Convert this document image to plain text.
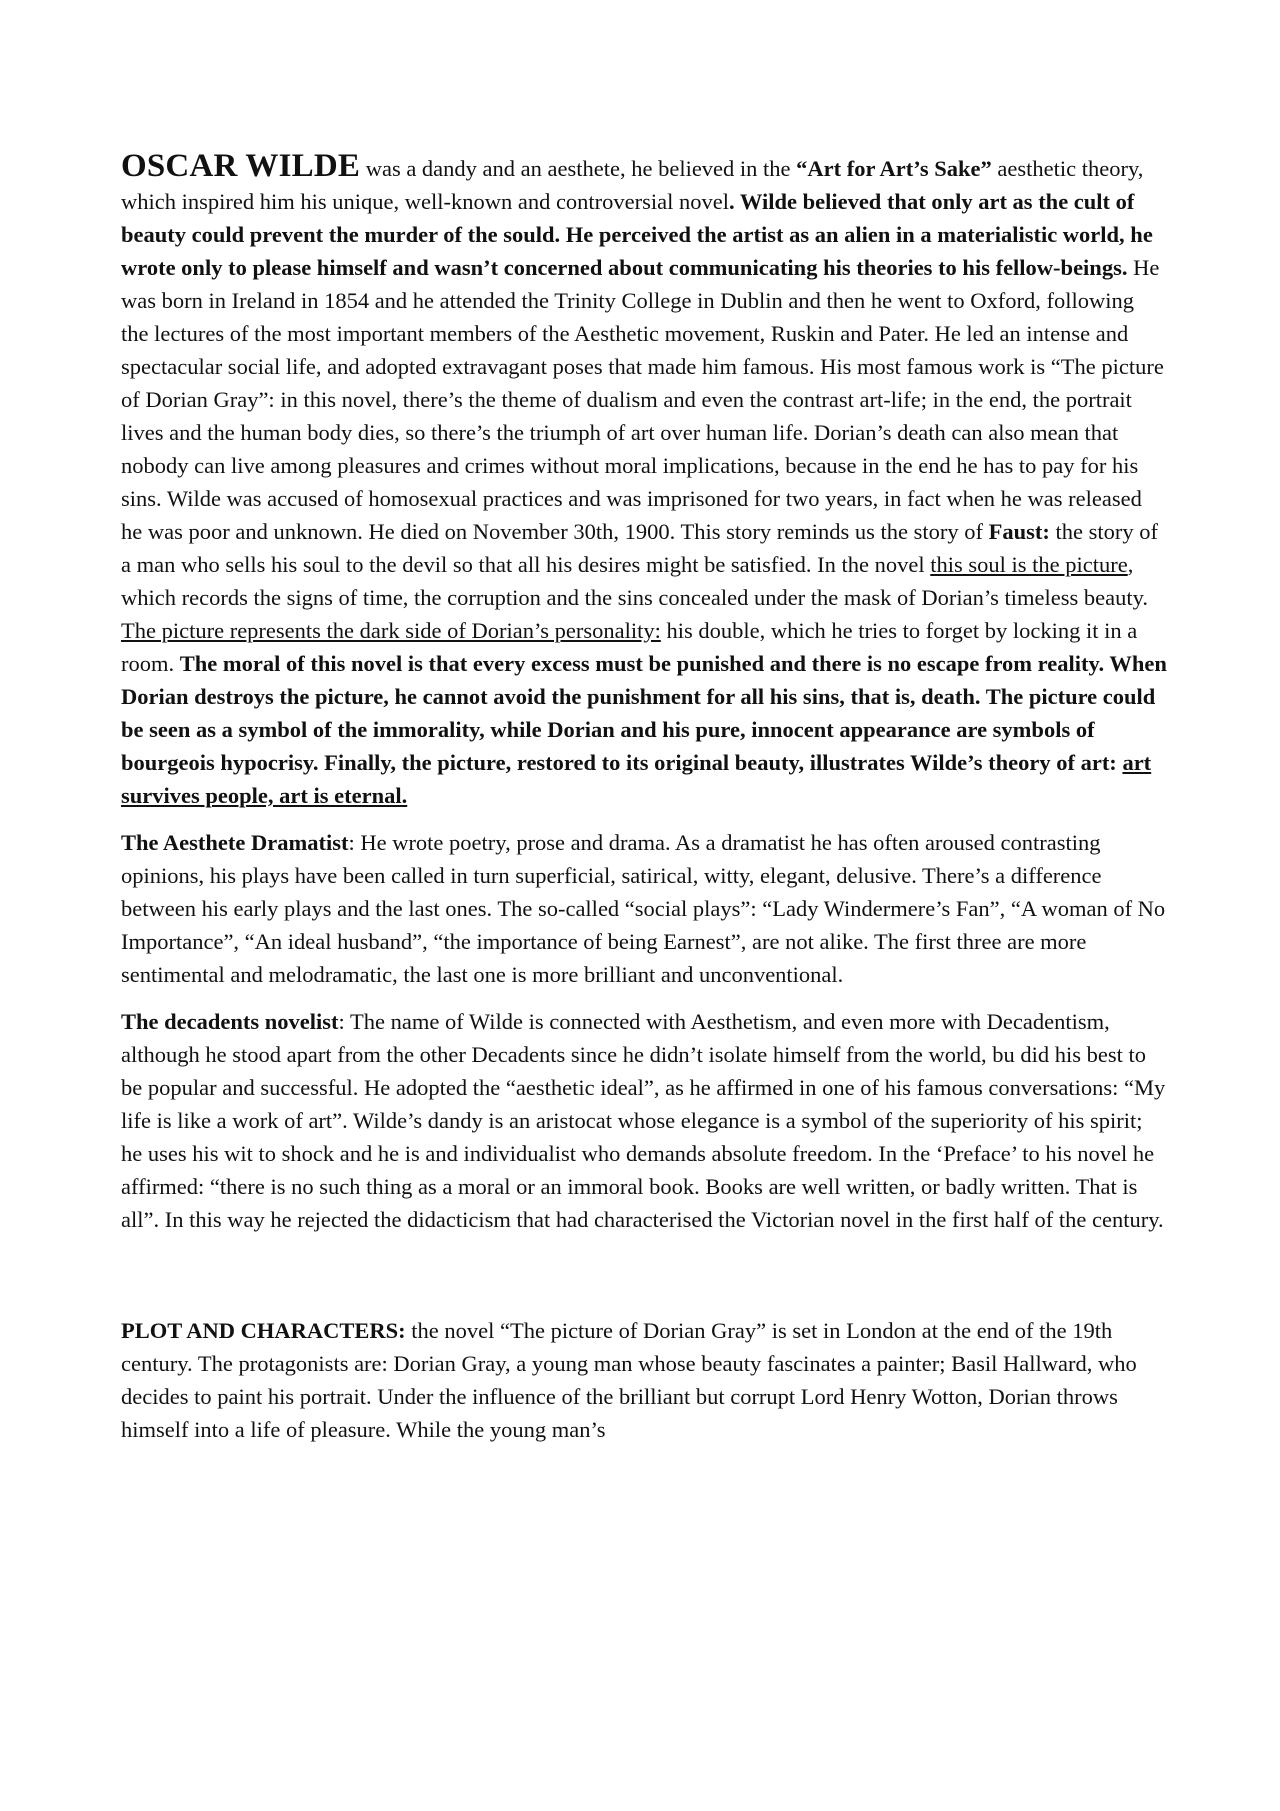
OSCAR WILDE was a dandy and an aesthete, he believed in the “Art for Art’s Sake” aesthetic theory, which inspired him his unique, well-known and controversial novel. Wilde believed that only art as the cult of beauty could prevent the murder of the sould. He perceived the artist as an alien in a materialistic world, he wrote only to please himself and wasn’t concerned about communicating his theories to his fellow-beings. He was born in Ireland in 1854 and he attended the Trinity College in Dublin and then he went to Oxford, following the lectures of the most important members of the Aesthetic movement, Ruskin and Pater. He led an intense and spectacular social life, and adopted extravagant poses that made him famous. His most famous work is “The picture of Dorian Gray”: in this novel, there’s the theme of dualism and even the contrast art-life; in the end, the portrait lives and the human body dies, so there’s the triumph of art over human life. Dorian’s death can also mean that nobody can live among pleasures and crimes without moral implications, because in the end he has to pay for his sins. Wilde was accused of homosexual practices and was imprisoned for two years, in fact when he was released he was poor and unknown. He died on November 30th, 1900. This story reminds us the story of Faust: the story of a man who sells his soul to the devil so that all his desires might be satisfied. In the novel this soul is the picture, which records the signs of time, the corruption and the sins concealed under the mask of Dorian’s timeless beauty. The picture represents the dark side of Dorian’s personality: his double, which he tries to forget by locking it in a room. The moral of this novel is that every excess must be punished and there is no escape from reality. When Dorian destroys the picture, he cannot avoid the punishment for all his sins, that is, death. The picture could be seen as a symbol of the immorality, while Dorian and his pure, innocent appearance are symbols of bourgeois hypocrisy. Finally, the picture, restored to its original beauty, illustrates Wilde’s theory of art: art survives people, art is eternal.

The Aesthete Dramatist: He wrote poetry, prose and drama. As a dramatist he has often aroused contrasting opinions, his plays have been called in turn superficial, satirical, witty, elegant, delusive. There’s a difference between his early plays and the last ones. The so-called “social plays”: “Lady Windermere’s Fan”, “A woman of No Importance”, “An ideal husband”, “the importance of being Earnest”, are not alike. The first three are more sentimental and melodramatic, the last one is more brilliant and unconventional.

The decadents novelist: The name of Wilde is connected with Aesthetism, and even more with Decadentism, although he stood apart from the other Decadents since he didn’t isolate himself from the world, bu did his best to be popular and successful. He adopted the “aesthetic ideal”, as he affirmed in one of his famous conversations: “My life is like a work of art”. Wilde’s dandy is an aristocat whose elegance is a symbol of the superiority of his spirit; he uses his wit to shock and he is and individualist who demands absolute freedom. In the ‘Preface’ to his novel he affirmed: “there is no such thing as a moral or an immoral book. Books are well written, or badly written. That is all”. In this way he rejected the didacticism that had characterised the Victorian novel in the first half of the century.

PLOT AND CHARACTERS: the novel “The picture of Dorian Gray” is set in London at the end of the 19th century. The protagonists are: Dorian Gray, a young man whose beauty fascinates a painter; Basil Hallward, who decides to paint his portrait. Under the influence of the brilliant but corrupt Lord Henry Wotton, Dorian throws himself into a life of pleasure. While the young man’s
